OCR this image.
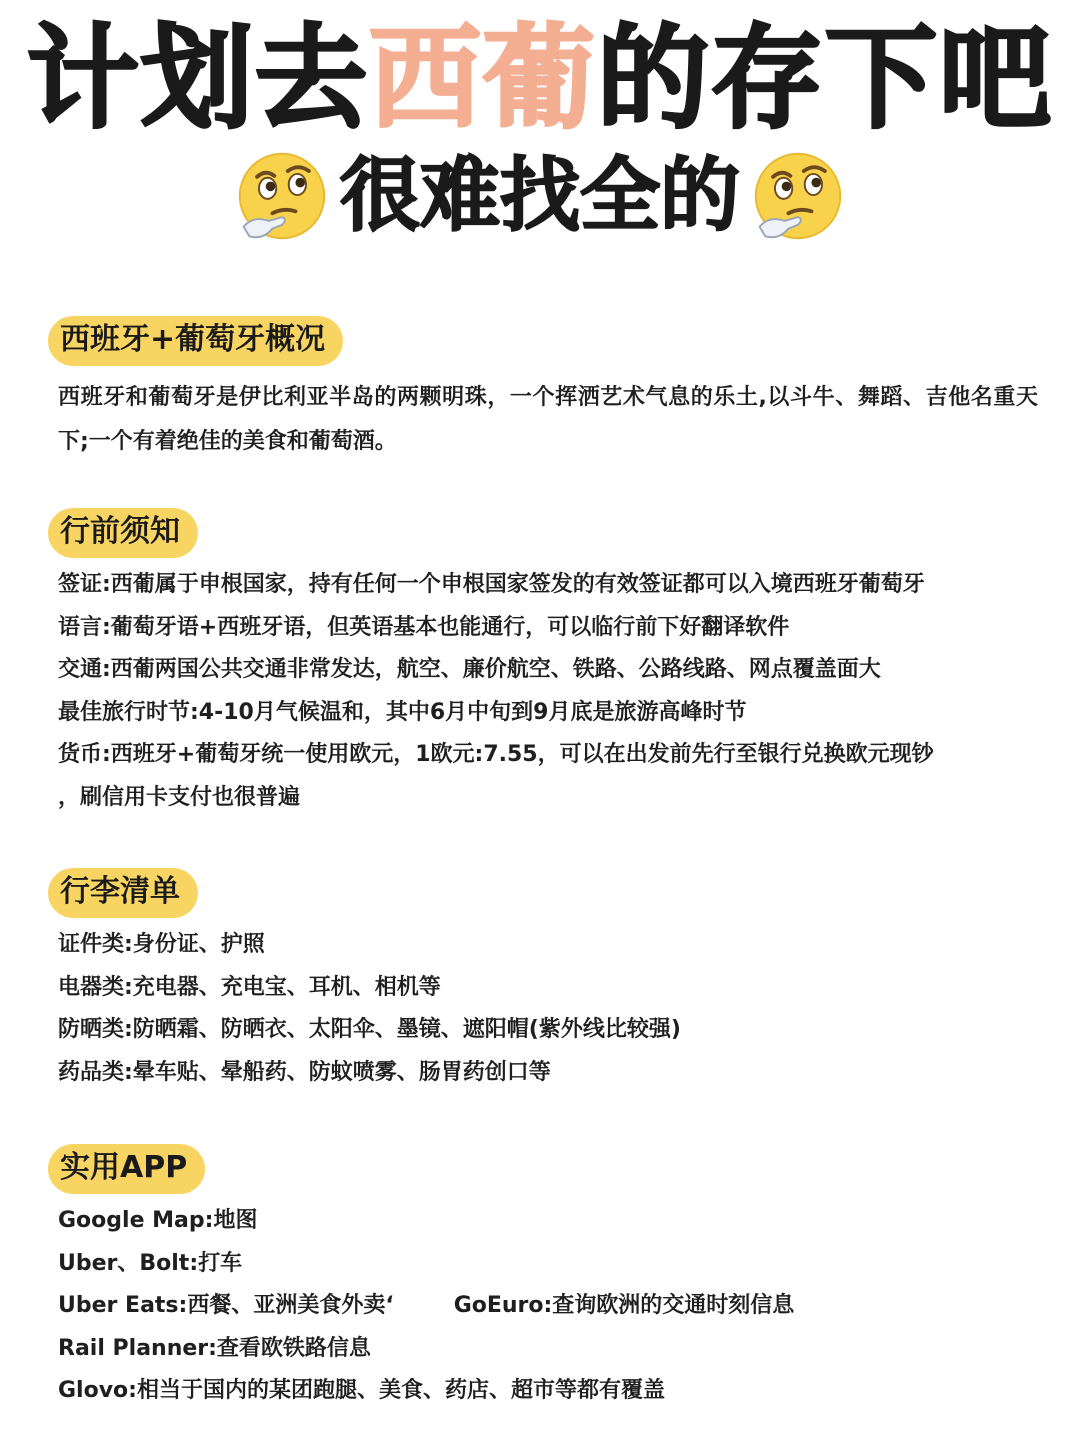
计划去西葡的存下吧
很难找全的
西班牙+葡萄牙概况
西班牙和葡萄牙是伊比利亚半岛的两颗明珠，一个挥洒艺术气息的乐土,以斗牛、舞蹈、吉他名重天下;一个有着绝佳的美食和葡萄酒。
行前须知
签证:西葡属于申根国家，持有任何一个申根国家签发的有效签证都可以入境西班牙葡萄牙
语言:葡萄牙语+西班牙语，但英语基本也能通行，可以临行前下好翻译软件
交通:西葡两国公共交通非常发达，航空、廉价航空、铁路、公路线路、网点覆盖面大
最佳旅行时节:4-10月气候温和，其中6月中旬到9月底是旅游高峰时节
货币:西班牙+葡萄牙统一使用欧元，1欧元:7.55，可以在出发前先行至银行兑换欧元现钞
，刷信用卡支付也很普遍
行李清单
证件类:身份证、护照
电器类:充电器、充电宝、耳机、相机等
防晒类:防晒霜、防晒衣、太阳伞、墨镜、遮阳帽(紫外线比较强)
药品类:晕车贴、晕船药、防蚊喷雾、肠胃药创口等
实用APP
Google Map:地图
Uber、Bolt:打车
Uber Eats:西餐、亚洲美食外卖‘	GoEuro:查询欧洲的交通时刻信息
Rail Planner:查看欧铁路信息
Glovo:相当于国内的某团跑腿、美食、药店、超市等都有覆盖
